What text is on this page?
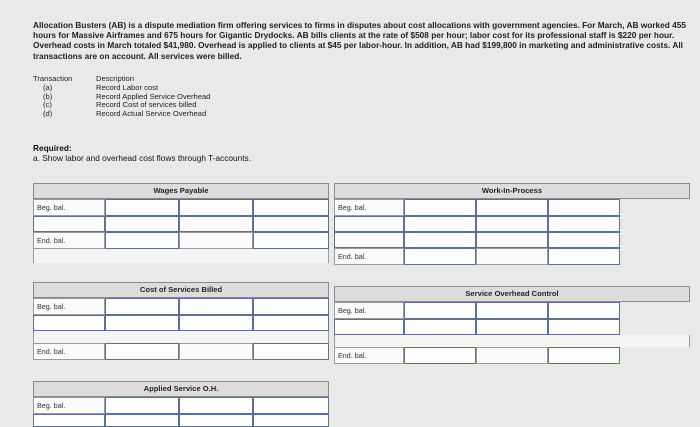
Allocation Busters (AB) is a dispute mediation firm offering services to firms in disputes about cost allocations with government agencies. For March, AB worked 455 hours for Massive Airframes and 675 hours for Gigantic Drydocks. AB bills clients at the rate of $508 per hour; labor cost for its professional staff is $220 per hour. Overhead costs in March totaled $41,980. Overhead is applied to clients at $45 per labor-hour. In addition, AB had $199,800 in marketing and administrative costs. All transactions are on account. All services were billed.
Transaction	Description
(a)	Record Labor cost
(b)	Record Applied Service Overhead
(c)	Record Cost of services billed
(d)	Record Actual Service Overhead
Required:
a. Show labor and overhead cost flows through T-accounts.
Wages Payable
Beg. bal.
End. bal.
Work-In-Process
Beg. bal.
End. bal.
Cost of Services Billed
Beg. bal.
End. bal.
Service Overhead Control
Beg. bal.
End. bal.
Applied Service O.H.
Beg. bal.
